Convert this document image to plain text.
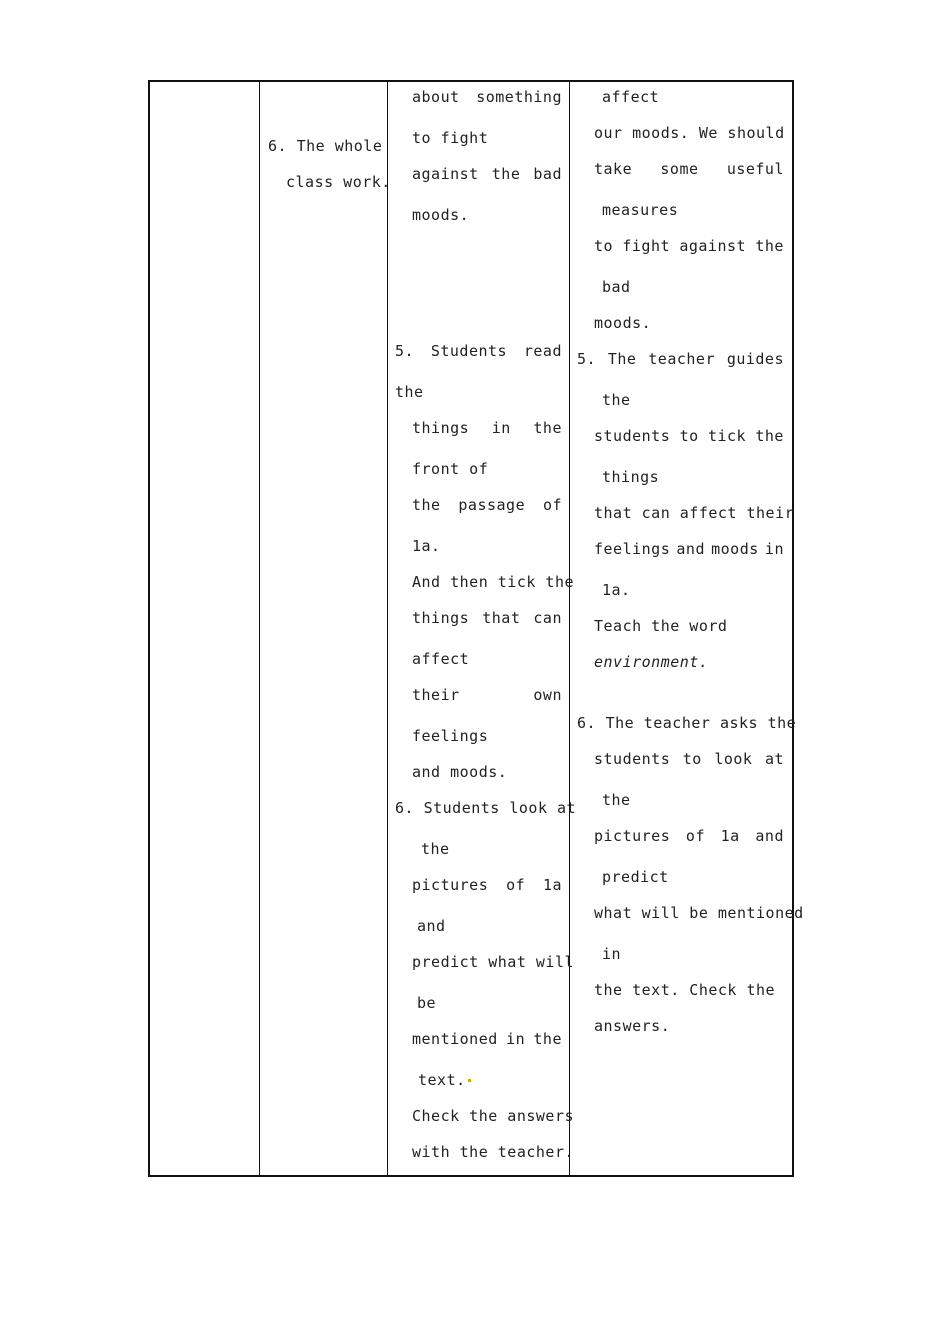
6. The whole
class work.
about something
to fight
against the bad
moods.
5. Students read
the
things in the
front of
the passage of
1a.
And then tick the
things that can
affect
their	own
feelings
and moods.
6. Students look at
the
pictures of 1a
and
predict what will
be
mentioned in the
text.
Check the answers
with the teacher.
affect
our moods. We should
take some useful
measures
to fight against the
bad
moods.
5. The teacher guides
the
students to tick the
things
that can affect their
feelings and moods in
1a.
Teach the word
environment.
6. The teacher asks the
students to look at
the
pictures of 1a and
predict
what will be mentioned
in
the text. Check the
answers.
